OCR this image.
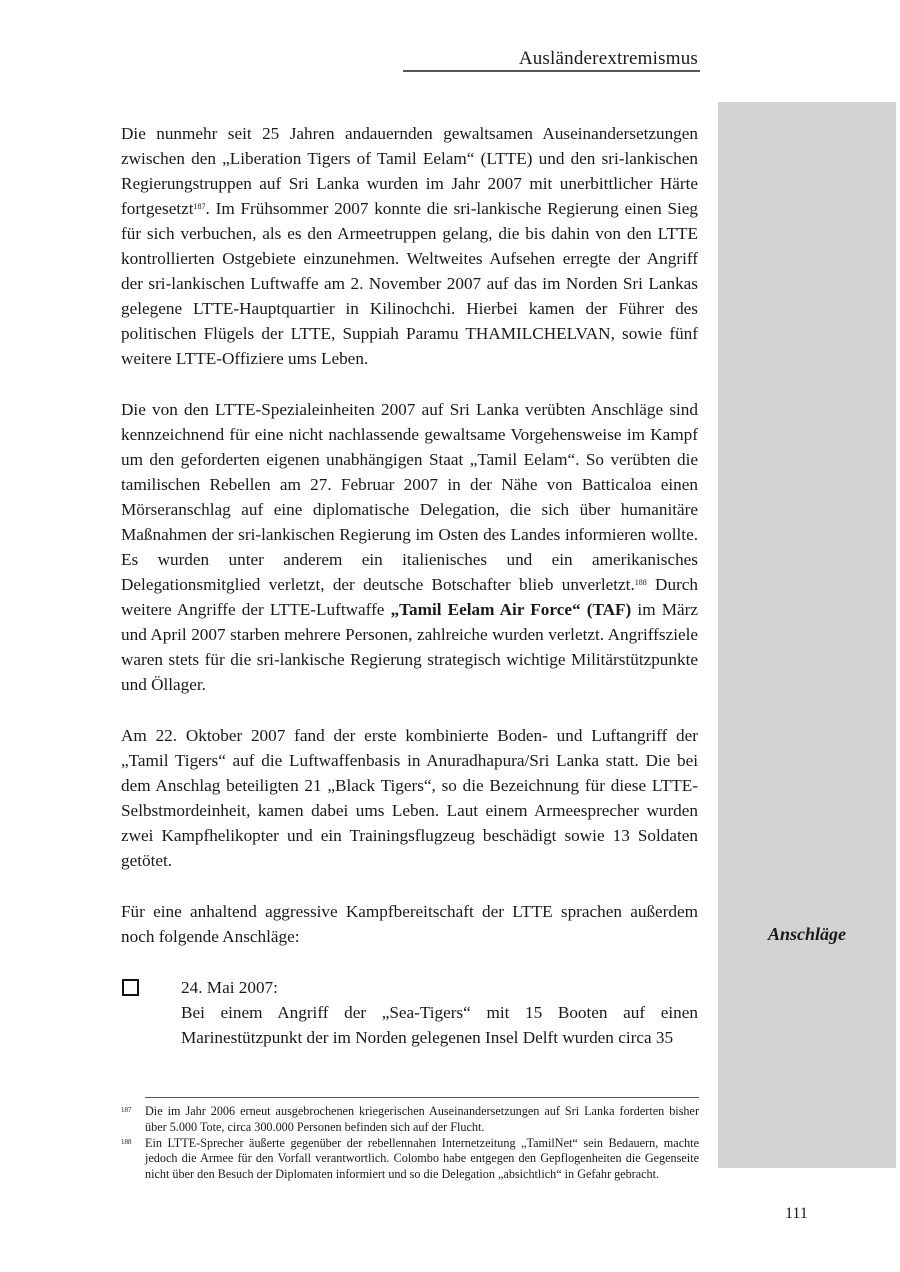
Ausländerextremismus
Anschläge

Die nunmehr seit 25 Jahren andauernden gewaltsamen Auseinandersetzungen zwischen den „Liberation Tigers of Tamil Eelam“ (LTTE) und den sri-lankischen Regierungstruppen auf Sri Lanka wurden im Jahr 2007 mit unerbittlicher Härte fortgesetzt$^{187}$. Im Frühsommer 2007 konnte die sri-lankische Regierung einen Sieg für sich verbuchen, als es den Armeetruppen gelang, die bis dahin von den LTTE kontrollierten Ostgebiete einzunehmen. Weltweites Aufsehen erregte der Angriff der sri-lankischen Luftwaffe am 2. November 2007 auf das im Norden Sri Lankas gelegene LTTE-Hauptquartier in Kilinochchi. Hierbei kamen der Führer des politischen Flügels der LTTE, Suppiah Paramu THAMILCHELVAN, sowie fünf weitere LTTE-Offiziere ums Leben.

Die von den LTTE-Spezialeinheiten 2007 auf Sri Lanka verübten Anschläge sind kennzeichnend für eine nicht nachlassende gewaltsame Vorgehensweise im Kampf um den geforderten eigenen unabhängigen Staat „Tamil Eelam“. So verübten die tamilischen Rebellen am 27. Februar 2007 in der Nähe von Batticaloa einen Mörseranschlag auf eine diplomatische Delegation, die sich über humanitäre Maßnahmen der sri-lankischen Regierung im Osten des Landes informieren wollte. Es wurden unter anderem ein italienisches und ein amerikanisches Delegationsmitglied verletzt, der deutsche Botschafter blieb unverletzt.$^{188}$ Durch weitere Angriffe der LTTE-Luftwaffe „Tamil Eelam Air Force“ (TAF) im März und April 2007 starben mehrere Personen, zahlreiche wurden verletzt. Angriffsziele waren stets für die sri-lankische Regierung strategisch wichtige Militärstützpunkte und Öllager.

Am 22. Oktober 2007 fand der erste kombinierte Boden- und Luftangriff der „Tamil Tigers“ auf die Luftwaffenbasis in Anuradhapura/Sri Lanka statt. Die bei dem Anschlag beteiligten 21 „Black Tigers“, so die Bezeichnung für diese LTTE-Selbstmordeinheit, kamen dabei ums Leben. Laut einem Armeesprecher wurden zwei Kampfhelikopter und ein Trainingsflugzeug beschädigt sowie 13 Soldaten getötet.

Für eine anhaltend aggressive Kampfbereitschaft der LTTE sprachen außerdem noch folgende Anschläge:

24. Mai 2007:
Bei einem Angriff der „Sea-Tigers“ mit 15 Booten auf einen Marinestützpunkt der im Norden gelegenen Insel Delft wurden circa 35
187 Die im Jahr 2006 erneut ausgebrochenen kriegerischen Auseinandersetzungen auf Sri Lanka forderten bisher über 5.000 Tote, circa 300.000 Personen befinden sich auf der Flucht.
188 Ein LTTE-Sprecher äußerte gegenüber der rebellennahen Internetzeitung „TamilNet“ sein Bedauern, machte jedoch die Armee für den Vorfall verantwortlich. Colombo habe entgegen den Gepflogenheiten die Gegenseite nicht über den Besuch der Diplomaten informiert und so die Delegation „absichtlich“ in Gefahr gebracht.
111
